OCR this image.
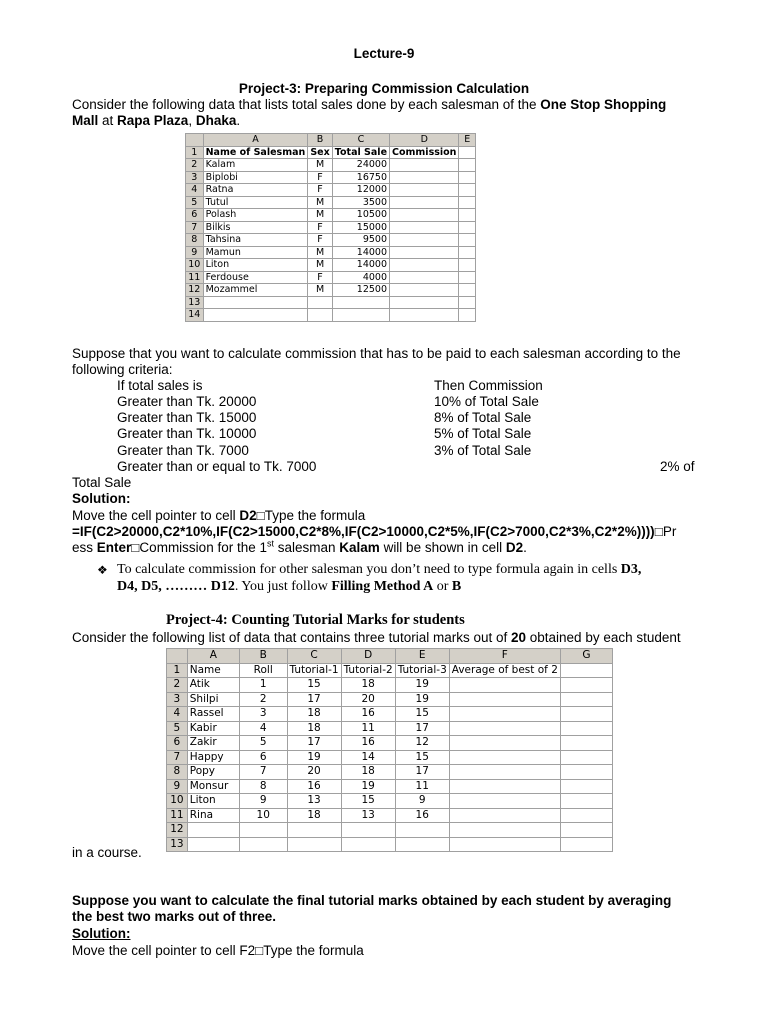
Lecture-9
Project-3: Preparing Commission Calculation
Consider the following data that lists total sales done by each salesman of the One Stop Shopping
Mall at Rapa Plaza, Dhaka.
	A	B	C	D	E
1	Name of Salesman	Sex	Total Sale	Commission	
2	Kalam	M	24000		
3	Biplobi	F	16750		
4	Ratna	F	12000		
5	Tutul	M	3500		
6	Polash	M	10500		
7	Bilkis	F	15000		
8	Tahsina	F	9500		
9	Mamun	M	14000		
10	Liton	M	14000		
11	Ferdouse	F	4000		
12	Mozammel	M	12500		
13					
14					
Suppose that you want to calculate commission that has to be paid to each salesman according to the
following criteria:
If total sales is	Then Commission
Greater than Tk. 20000	10% of Total Sale
Greater than Tk. 15000	8% of Total Sale
Greater than Tk. 10000	5% of Total Sale
Greater than Tk. 7000	3% of Total Sale
Greater than or equal to Tk. 7000	2% of
Total Sale
Solution:
Move the cell pointer to cell D2□Type the formula
=IF(C2>20000,C2*10%,IF(C2>15000,C2*8%,IF(C2>10000,C2*5%,IF(C2>7000,C2*3%,C2*2%))))□Pr
ess Enter□Commission for the 1st salesman Kalam will be shown in cell D2.
❖ To calculate commission for other salesman you don’t need to type formula again in cells D3,
D4, D5, ……… D12. You just follow Filling Method A or B
Project-4: Counting Tutorial Marks for students
Consider the following list of data that contains three tutorial marks out of 20 obtained by each student
	A	B	C	D	E	F	G
1	Name	Roll	Tutorial-1	Tutorial-2	Tutorial-3	Average of best of 2	
2	Atik	1	15	18	19		
3	Shilpi	2	17	20	19		
4	Rassel	3	18	16	15		
5	Kabir	4	18	11	17		
6	Zakir	5	17	16	12		
7	Happy	6	19	14	15		
8	Popy	7	20	18	17		
9	Monsur	8	16	19	11		
10	Liton	9	13	15	9		
11	Rina	10	18	13	16		
12							
13							
in a course.
Suppose you want to calculate the final tutorial marks obtained by each student by averaging
the best two marks out of three.
Solution:
Move the cell pointer to cell F2□Type the formula
